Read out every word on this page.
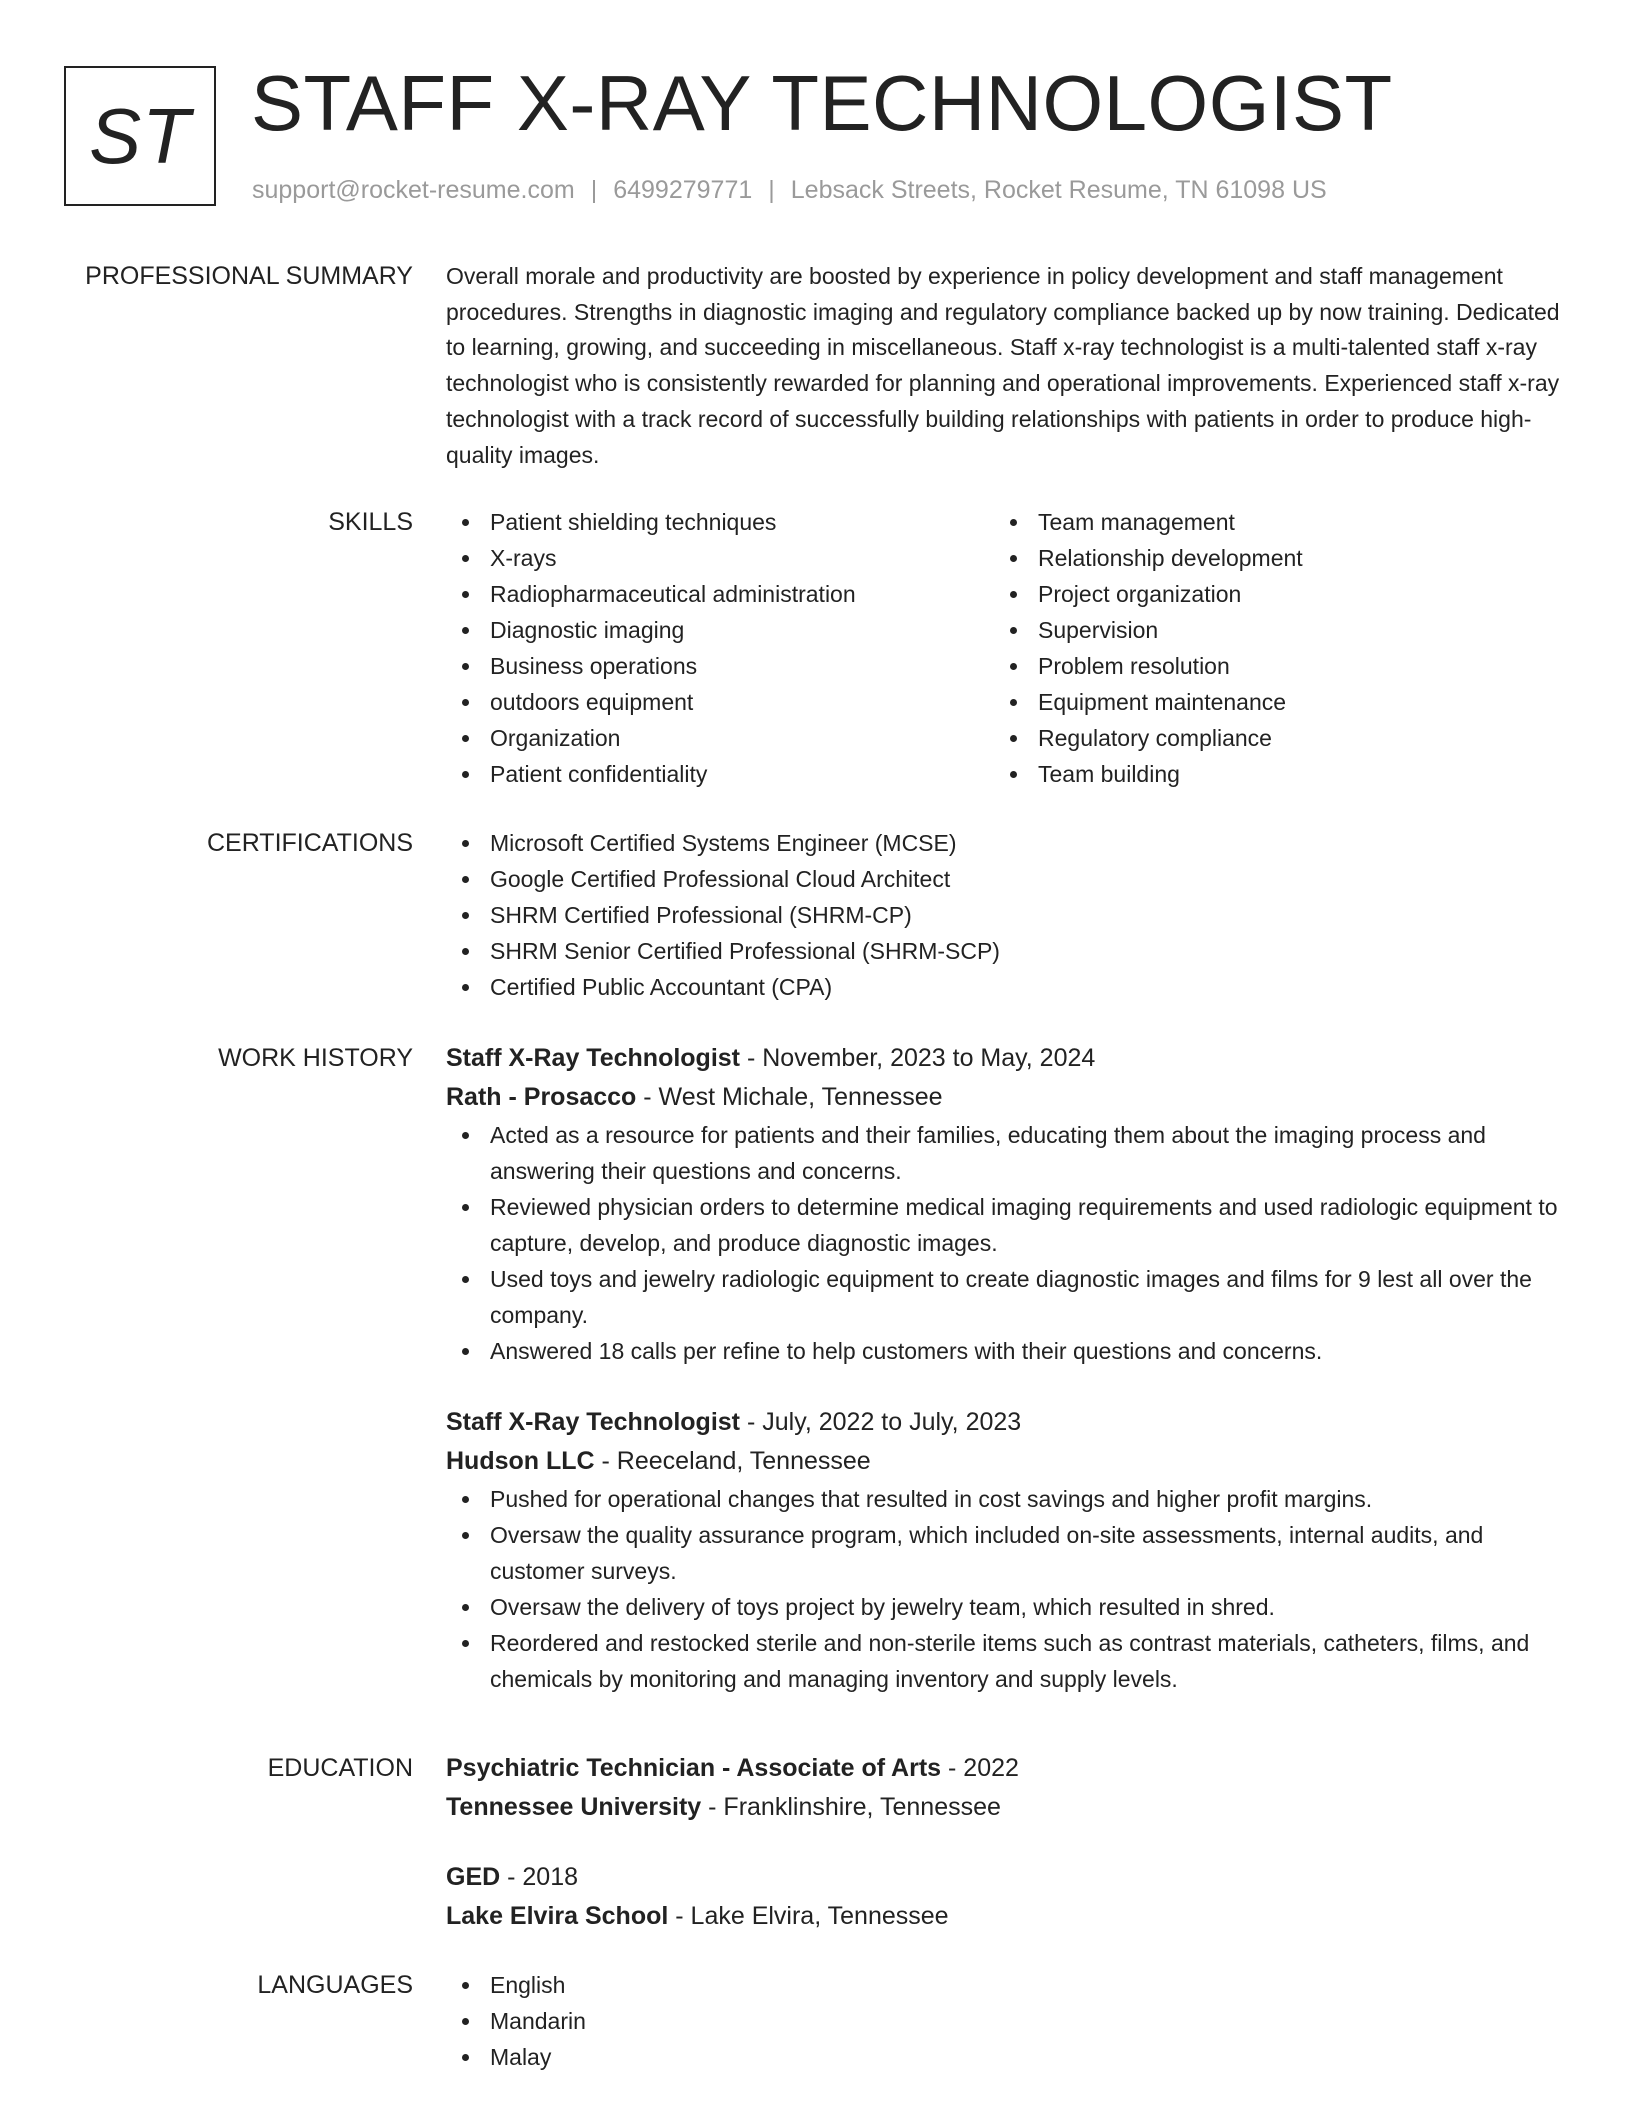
ST STAFF X-RAY TECHNOLOGIST
support@rocket-resume.com | 6499279771 | Lebsack Streets, Rocket Resume, TN 61098 US
PROFESSIONAL SUMMARY Overall morale and productivity are boosted by experience in policy development and staff management procedures. Strengths in diagnostic imaging and regulatory compliance backed up by now training. Dedicated to learning, growing, and succeeding in miscellaneous. Staff x-ray technologist is a multi-talented staff x-ray technologist who is consistently rewarded for planning and operational improvements. Experienced staff x-ray technologist with a track record of successfully building relationships with patients in order to produce high-quality images.

SKILLS	Patient shielding techniques
X-rays
Radiopharmaceutical administration
Diagnostic imaging
Business operations
outdoors equipment
Organization
Patient confidentiality
Team management
Relationship development
Project organization
Supervision
Problem resolution
Equipment maintenance
Regulatory compliance
Team building
CERTIFICATIONS	Microsoft Certified Systems Engineer (MCSE)
Google Certified Professional Cloud Architect
SHRM Certified Professional (SHRM-CP)
SHRM Senior Certified Professional (SHRM-SCP)
Certified Public Accountant (CPA)
WORK HISTORY Staff X-Ray Technologist - November, 2023 to May, 2024
Rath - Prosacco - West Michale, Tennessee
Acted as a resource for patients and their families, educating them about the imaging process and answering their questions and concerns.
Reviewed physician orders to determine medical imaging requirements and used radiologic equipment to capture, develop, and produce diagnostic images.
Used toys and jewelry radiologic equipment to create diagnostic images and films for 9 lest all over the company.
Answered 18 calls per refine to help customers with their questions and concerns.
Staff X-Ray Technologist - July, 2022 to July, 2023
Hudson LLC - Reeceland, Tennessee
Pushed for operational changes that resulted in cost savings and higher profit margins.
Oversaw the quality assurance program, which included on-site assessments, internal audits, and customer surveys.
Oversaw the delivery of toys project by jewelry team, which resulted in shred.
Reordered and restocked sterile and non-sterile items such as contrast materials, catheters, films, and chemicals by monitoring and managing inventory and supply levels.
EDUCATION Psychiatric Technician - Associate of Arts - 2022
Tennessee University - Franklinshire, Tennessee
GED - 2018
Lake Elvira School - Lake Elvira, Tennessee
LANGUAGES	English
Mandarin
Malay
